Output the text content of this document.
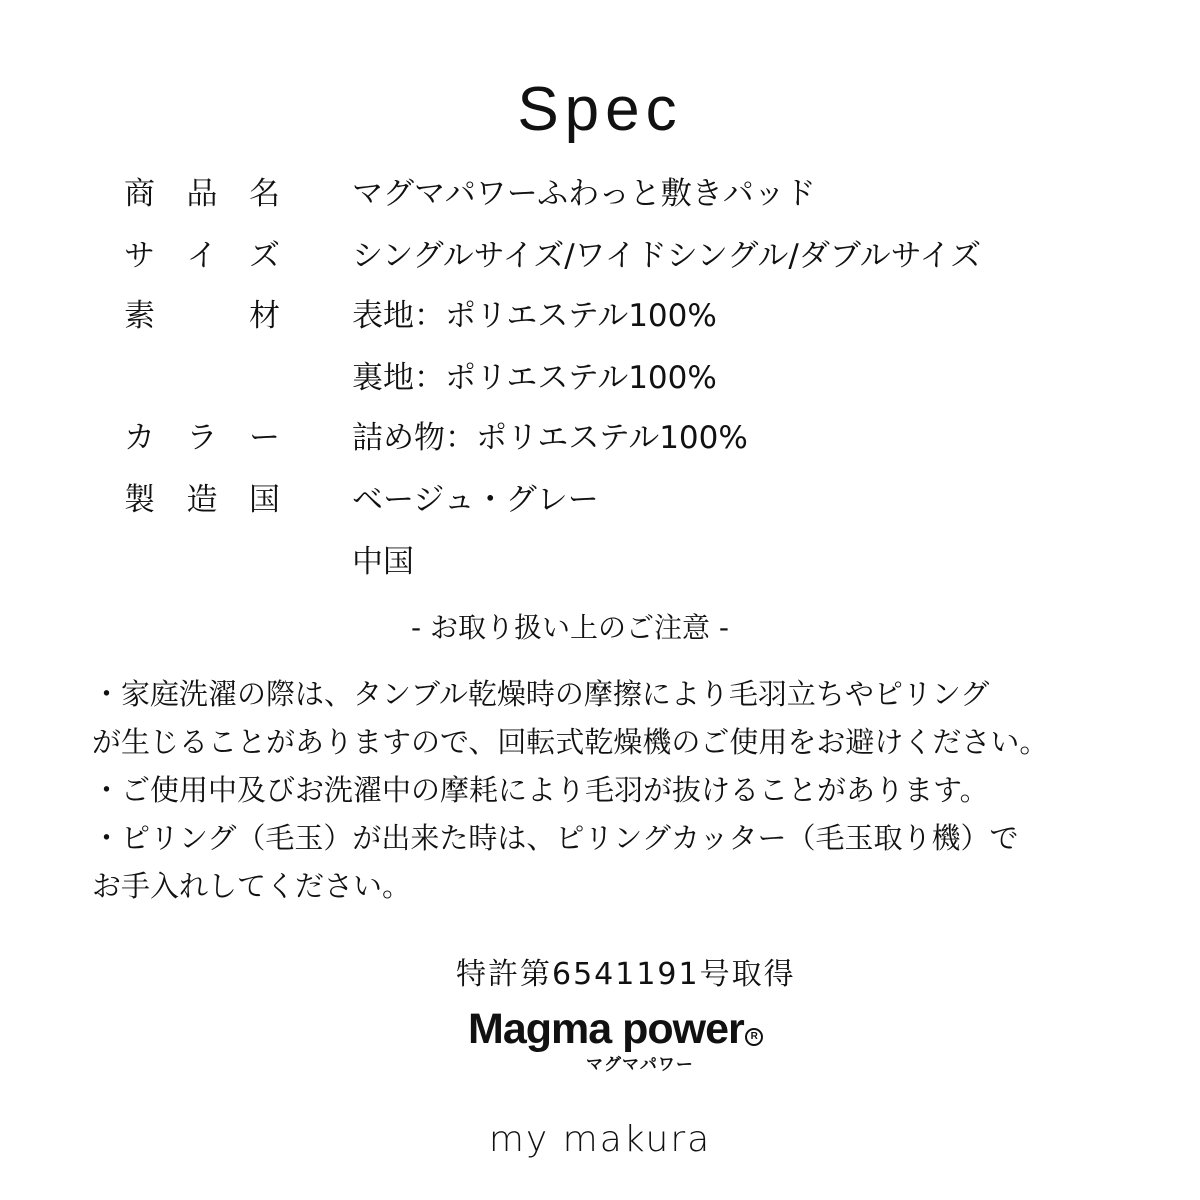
Spec
商 品 名
サ イ ズ
素	材
カ ラ ー
製 造 国
マグマパワーふわっと敷きパッド
シングルサイズ/ワイドシングル/ダブルサイズ
表地：ポリエステル100%
裏地：ポリエステル100%
詰め物：ポリエステル100%
ベージュ・グレー
中国
- お取り扱い上のご注意 -
・家庭洗濯の際は、タンブル乾燥時の摩擦により毛羽立ちやピリング
が生じることがありますので、回転式乾燥機のご使用をお避けください。
・ご使用中及びお洗濯中の摩耗により毛羽が抜けることがあります。
・ピリング（毛玉）が出来た時は、ピリングカッター（毛玉取り機）で
お手入れしてください。
特許第6541191号取得
Magma power R
マグマパワー
my makura
